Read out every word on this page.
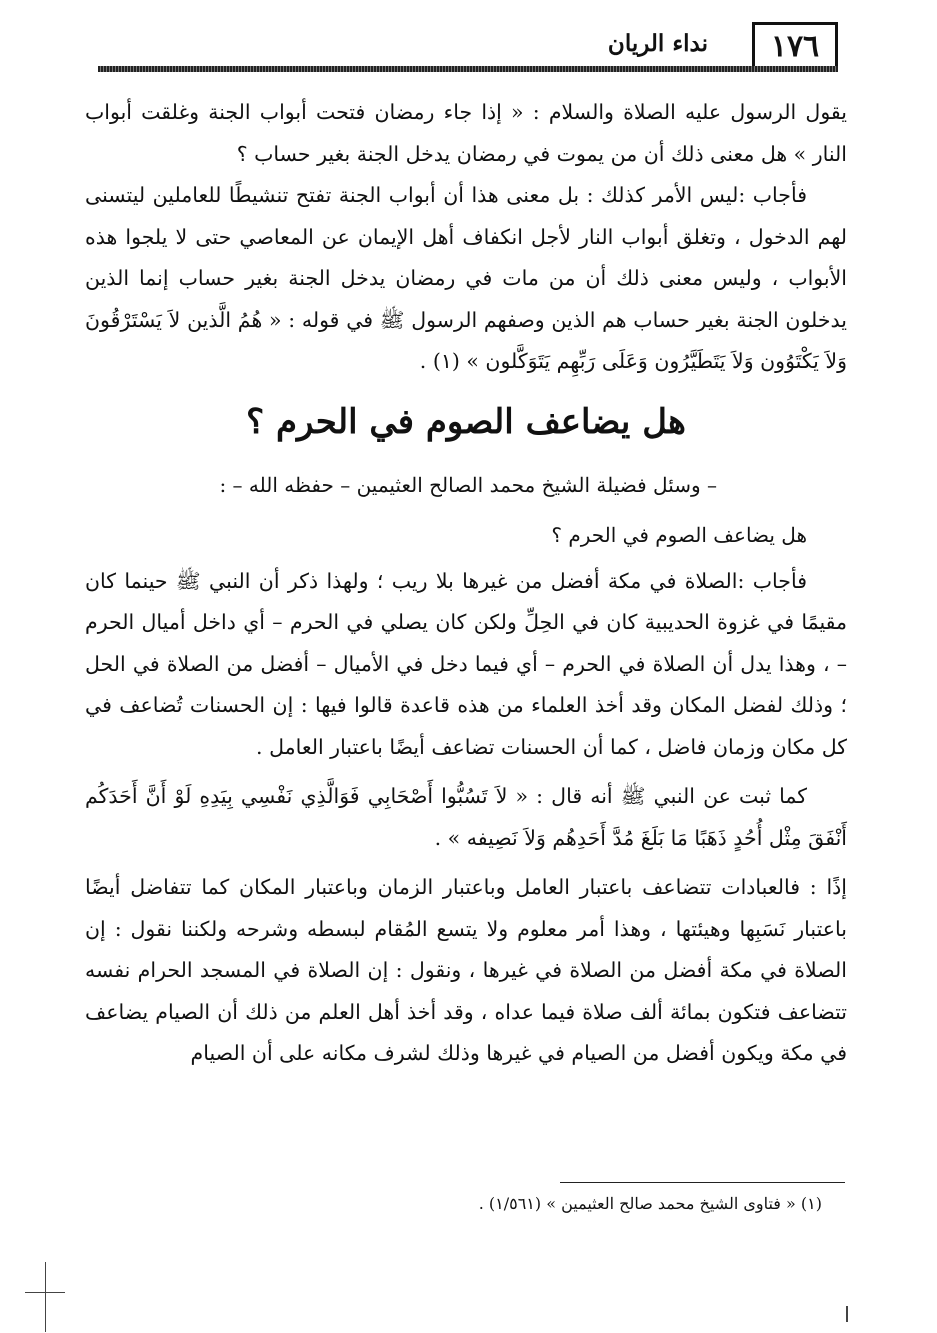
١٧٦
نداء الريان

يقول الرسول عليه الصلاة والسلام : « إذا جاء رمضان فتحت أبواب الجنة وغلقت أبواب النار » هل معنى ذلك أن من يموت في رمضان يدخل الجنة بغير حساب ؟

فأجاب :ليس الأمر كذلك : بل معنى هذا أن أبواب الجنة تفتح تنشيطًا للعاملين ليتسنى لهم الدخول ، وتغلق أبواب النار لأجل انكفاف أهل الإيمان عن المعاصي حتى لا يلجوا هذه الأبواب ، وليس معنى ذلك أن من مات في رمضان يدخل الجنة بغير حساب إنما الذين يدخلون الجنة بغير حساب هم الذين وصفهم الرسول ﷺ في قوله : « هُمُ الَّذين لاَ يَسْتَرْقُونَ وَلاَ يَكْتَوُون وَلاَ يَتَطَيَّرُون وَعَلَى رَبِّهِم يَتَوَكَّلون » (١) .

هل يضاعف الصوم في الحرم ؟

– وسئل فضيلة الشيخ محمد الصالح العثيمين – حفظه الله – :

هل يضاعف الصوم في الحرم ؟

فأجاب :الصلاة في مكة أفضل من غيرها بلا ريب ؛ ولهذا ذكر أن النبي ﷺ حينما كان مقيمًا في غزوة الحديبية كان في الحِلِّ ولكن كان يصلي في الحرم – أي داخل أميال الحرم – ، وهذا يدل أن الصلاة في الحرم – أي فيما دخل في الأميال – أفضل من الصلاة في الحل ؛ وذلك لفضل المكان وقد أخذ العلماء من هذه قاعدة قالوا فيها : إن الحسنات تُضاعف في كل مكان وزمان فاضل ، كما أن الحسنات تضاعف أيضًا باعتبار العامل .

كما ثبت عن النبي ﷺ أنه قال : « لاَ تَسُبُّوا أَصْحَابِي فَوَالَّذِي نَفْسِي بِيَدِهِ لَوْ أَنَّ أَحَدَكُم أَنْفَقَ مِثْل أُحُدٍ ذَهَبًا مَا بَلَغَ مُدَّ أَحَدِهُم وَلاَ نَصِيفه » .

إذًا : فالعبادات تتضاعف باعتبار العامل وباعتبار الزمان وباعتبار المكان كما تتفاضل أيضًا باعتبار نَسَبِها وهيئتها ، وهذا أمر معلوم ولا يتسع المُقام لبسطه وشرحه ولكننا نقول : إن الصلاة في مكة أفضل من الصلاة في غيرها ، ونقول : إن الصلاة في المسجد الحرام نفسه تتضاعف فتكون بمائة ألف صلاة فيما عداه ، وقد أخذ أهل العلم من ذلك أن الصيام يضاعف في مكة ويكون أفضل من الصيام في غيرها وذلك لشرف مكانه على أن الصيام

(١) « فتاوى الشيخ محمد صالح العثيمين » (١/٥٦١) .
